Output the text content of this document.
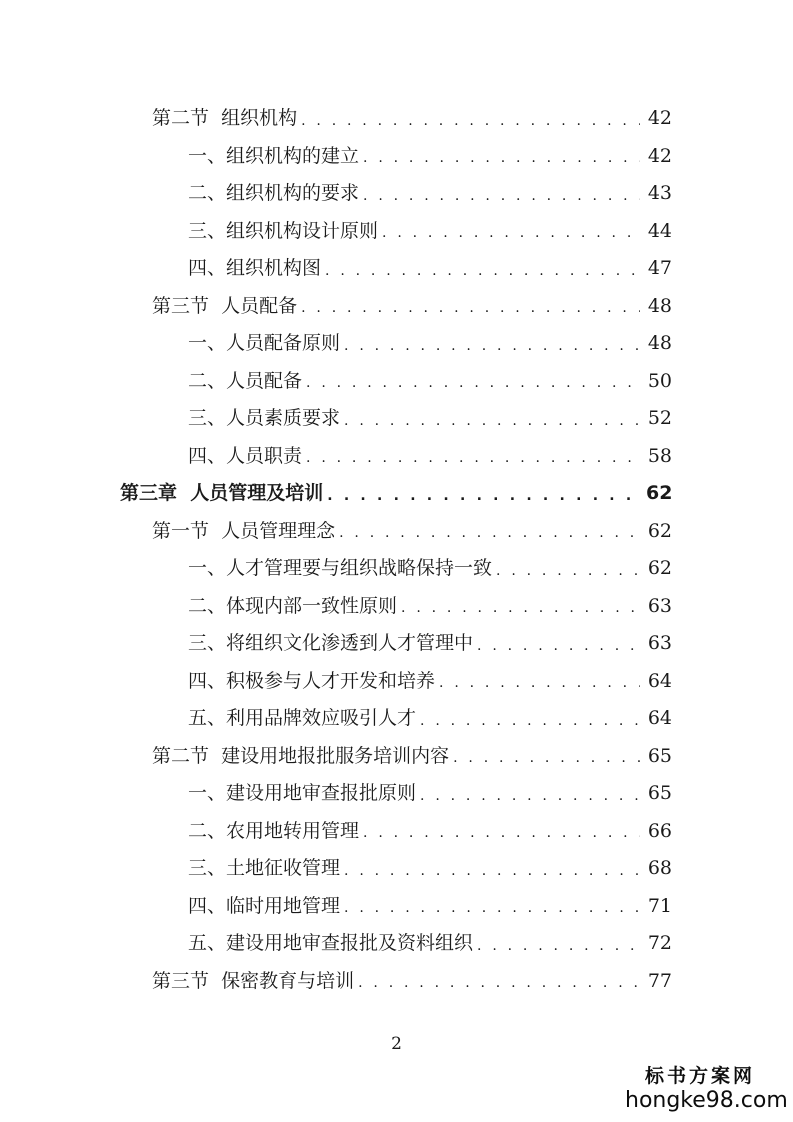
第二节  组织机构 . . .	42
一、组织机构的建立 . . .	42
二、组织机构的要求 . . .	43
三、组织机构设计原则 . . .	44
四、组织机构图 . . .	47
第三节  人员配备 . . .	48
一、人员配备原则 . . .	48
二、人员配备 . . .	50
三、人员素质要求 . . .	52
四、人员职责 . . .	58
第三章  人员管理及培训 . . .	62
第一节  人员管理理念 . . .	62
一、人才管理要与组织战略保持一致 . . .	62
二、体现内部一致性原则 . . .	63
三、将组织文化渗透到人才管理中 . . .	63
四、积极参与人才开发和培养 . . .	64
五、利用品牌效应吸引人才 . . .	64
第二节  建设用地报批服务培训内容 . . .	65
一、建设用地审查报批原则 . . .	65
二、农用地转用管理 . . .	66
三、土地征收管理 . . .	68
四、临时用地管理 . . .	71
五、建设用地审查报批及资料组织 . . .	72
第三节  保密教育与培训 . . .	77
2
标书方案网
hongke98.com
